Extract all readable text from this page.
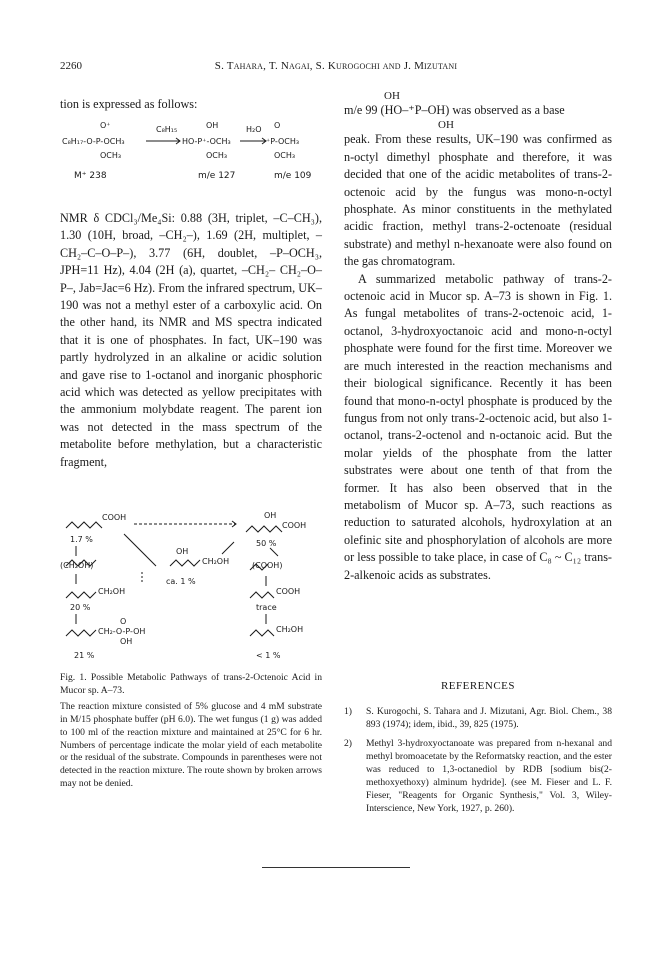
2260	S. Tahara, T. Nagai, S. Kurogochi and J. Mizutani

tion is expressed as follows:

O⁺
C₈H₁₇-O-P-OCH₃
OCH₃
M⁺ 238
C₈H₁₅	OH
HO-P⁺-OCH₃
OCH₃
m/e 127
H₂O O
⁺P-OCH₃
OCH₃
m/e 109

NMR δ CDCl₃/Me₄Si: 0.88 (3H, triplet, –C–CH₃), 1.30 (10H, broad, –CH₂–), 1.69 (2H, multiplet, –CH₂–C–O–P–), 3.77 (6H, doublet, –P–OCH₃, JPH=11 Hz), 4.04 (2H (a), quartet, –CH₂– CH₂–O–P–, Jab=Jac=6 Hz). From the infrared spectrum, UK–190 was not a methyl ester of a carboxylic acid. On the other hand, its NMR and MS spectra indicated that it is one of phosphates. In fact, UK–190 was partly hydrolyzed in an alkaline or acidic solution and gave rise to 1-octanol and inorganic phosphoric acid which was detected as yellow precipitates with the ammonium molybdate reagent. The parent ion was not detected in the mass spectrum of the metabolite before methylation, but a characteristic fragment,

OH

m/e 99 (HO–⁺P–OH) was observed as a base

OH

peak. From these results, UK–190 was confirmed as n-octyl dimethyl phosphate and therefore, it was decided that one of the acidic metabolites of trans-2-octenoic acid by the fungus was mono-n-octyl phosphate. As minor constituents in the methylated acidic fraction, methyl trans-2-octenoate (residual substrate) and methyl n-hexanoate were also found on the gas chromatogram.

A summarized metabolic pathway of trans-2-octenoic acid in Mucor sp. A–73 is shown in Fig. 1. As fungal metabolites of trans-2-octenoic acid, 1-octanol, 3-hydroxyoctanoic acid and mono-n-octyl phosphate were found for the first time. Moreover we are much interested in the reaction mechanisms and their biological significance. Recently it has been found that mono-n-octyl phosphate is produced by the fungus from not only trans-2-octenoic acid, but also 1-octanol, trans-2-octenol and n-octanoic acid. But the molar yields of the phosphate from the latter substrates were about one tenth of that from the former. It has also been observed that in the metabolism of Mucor sp. A–73, such reactions as reduction to saturated alcohols, hydroxylation at an olefinic site and phosphorylation of alcohols are more or less possible to take place, in case of C₈ ~ C₁₂ trans-2-alkenoic acids as substrates.

COOH
1.7 %
OH
COOH
50 %
(CH₂OH)
OH
CH₂OH	(COOH)
ca. 1 %
CH₂OH
20 %
COOH
trace
O
CH₂-O-P-OH
OH
21 %
CH₂OH
< 1 %

Fig. 1. Possible Metabolic Pathways of trans-2-Octenoic Acid in Mucor sp. A–73.

The reaction mixture consisted of 5% glucose and 4 mM substrate in M/15 phosphate buffer (pH 6.0). The wet fungus (1 g) was added to 100 ml of the reaction mixture and maintained at 25°C for 6 hr. Numbers of percentage indicate the molar yield of each metabolite or the residual of the substrate. Compounds in parentheses were not detected in the reaction mixture. The route shown by broken arrows may not be denied.

REFERENCES
1) S. Kurogochi, S. Tahara and J. Mizutani, Agr. Biol. Chem., 38 893 (1974); idem, ibid., 39, 825 (1975).
2) Methyl 3-hydroxyoctanoate was prepared from n-hexanal and methyl bromoacetate by the Reformatsky reaction, and the ester was reduced to 1,3-octanediol by RDB [sodium bis(2-methoxyethoxy) alminum hydride]. (see M. Fieser and L. F. Fieser, "Reagents for Organic Synthesis," Vol. 3, Wiley-Interscience, New York, 1927, p. 260).
